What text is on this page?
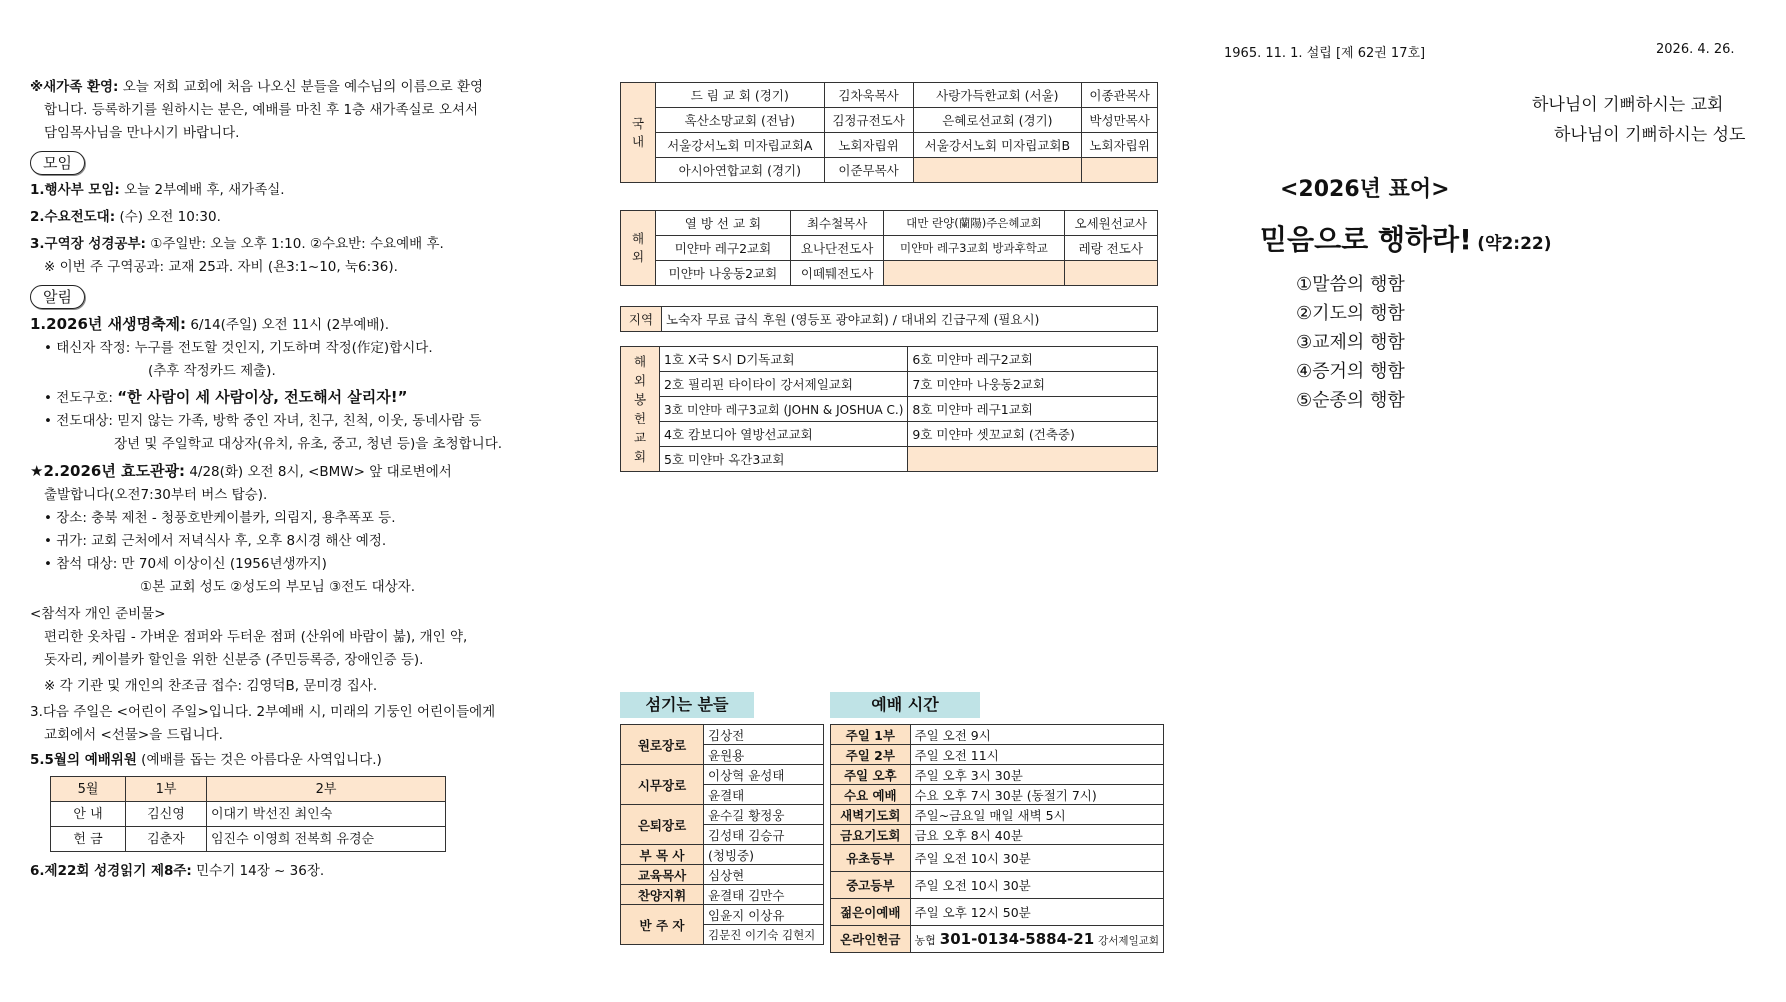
1965. 11. 1. 설립 [제 62권 17호]	2026. 4. 26.
※새가족 환영: 오늘 저희 교회에 처음 나오신 분들을 예수님의 이름으로 환영
합니다. 등록하기를 원하시는 분은, 예배를 마친 후 1층 새가족실로 오셔서
담임목사님을 만나시기 바랍니다.
모임
1.행사부 모임: 오늘 2부예배 후, 새가족실.
2.수요전도대: (수) 오전 10:30.
3.구역장 성경공부: ①주일반: 오늘 오후 1:10. ②수요반: 수요예배 후.
※ 이번 주 구역공과: 교재 25과. 자비 (욘3:1~10, 눅6:36).
알림
1.2026년 새생명축제: 6/14(주일) 오전 11시 (2부예배).
• 태신자 작정: 누구를 전도할 것인지, 기도하며 작정(作定)합시다.
(추후 작정카드 제출).
• 전도구호: “한 사람이 세 사람이상, 전도해서 살리자!”
• 전도대상: 믿지 않는 가족, 방학 중인 자녀, 친구, 친척, 이웃, 동네사람 등
장년 및 주일학교 대상자(유치, 유초, 중고, 청년 등)을 초청합니다.
★2.2026년 효도관광: 4/28(화) 오전 8시, <BMW> 앞 대로변에서
출발합니다(오전7:30부터 버스 탑승).
• 장소: 충북 제천 - 청풍호반케이블카, 의림지, 용추폭포 등.
• 귀가: 교회 근처에서 저녁식사 후, 오후 8시경 해산 예정.
• 참석 대상: 만 70세 이상이신 (1956년생까지)
①본 교회 성도 ②성도의 부모님 ③전도 대상자.
<참석자 개인 준비물>
편리한 옷차림 - 가벼운 점퍼와 두터운 점퍼 (산위에 바람이 붊), 개인 약,
돗자리, 케이블카 할인을 위한 신분증 (주민등록증, 장애인증 등).
※ 각 기관 및 개인의 찬조금 접수: 김영덕B, 문미경 집사.
3.다음 주일은 <어린이 주일>입니다. 2부예배 시, 미래의 기둥인 어린이들에게
교회에서 <선물>을 드립니다.
5.5월의 예배위원 (예배를 돕는 것은 아름다운 사역입니다.)
5월	1부	2부
안 내	김신영	이대기 박선진 최인숙
헌 금	김춘자	임진수 이영희 전복희 유경순
6.제22회 성경읽기 제8주: 민수기 14장 ~ 36장.
국 내	드 림 교 회 (경기)	김차욱목사	사랑가득한교회 (서울)	이종관목사
	혹산소망교회 (전남)	김정규전도사	은혜로선교회 (경기)	박성만목사
	서울강서노회 미자립교회A	노회자립위	서울강서노회 미자립교회B	노회자립위
	아시아연합교회 (경기)	이준무목사		
해 외	열 방 선 교 회	최수철목사	대만 란양(蘭陽)주은혜교회	오세원선교사
	미얀마 레구2교회	요나단전도사	미얀마 레구3교회 방과후학교	레랑 전도사
	미얀마 나웅동2교회	이떼퉤전도사		
지역	노숙자 무료 급식 후원 (영등포 광야교회) / 대내외 긴급구제 (필요시)
해 외 봉 헌 교 회	1호 X국 S시 D기독교회	6호 미얀마 레구2교회
	2호 필리핀 타이타이 강서제일교회	7호 미얀마 나웅동2교회
	3호 미얀마 레구3교회 (JOHN & JOSHUA C.)	8호 미얀마 레구1교회
	4호 캄보디아 열방선교교회	9호 미얀마 셋꼬교회 (건축중)
	5호 미얀마 옥간3교회	
섬기는 분들
원로장로	김상전
	윤원용
시무장로	이상혁 윤성태
	윤결태
은퇴장로	윤수길 황정웅
	김성태 김승규
부 목 사	(청빙중)
교육목사	심상현
찬양지휘	윤결태 김만수
반 주 자	임윤지 이상유
	김문진 이기숙 김현지
예배 시간
주일 1부	주일 오전 9시
주일 2부	주일 오전 11시
주일 오후	주일 오후 3시 30분
수요 예배	수요 오후 7시 30분 (동절기 7시)
새벽기도회	주일~금요일 매일 새벽 5시
금요기도회	금요 오후 8시 40분
유초등부	주일 오전 10시 30분
중고등부	주일 오전 10시 30분
젊은이예배	주일 오후 12시 50분
온라인헌금	농협 301-0134-5884-21 강서제일교회
하나님이 기뻐하시는 교회
하나님이 기뻐하시는 성도
<2026년 표어>
믿음으로 행하라! (약2:22)
①말씀의 행함
②기도의 행함
③교제의 행함
④증거의 행함
⑤순종의 행함
